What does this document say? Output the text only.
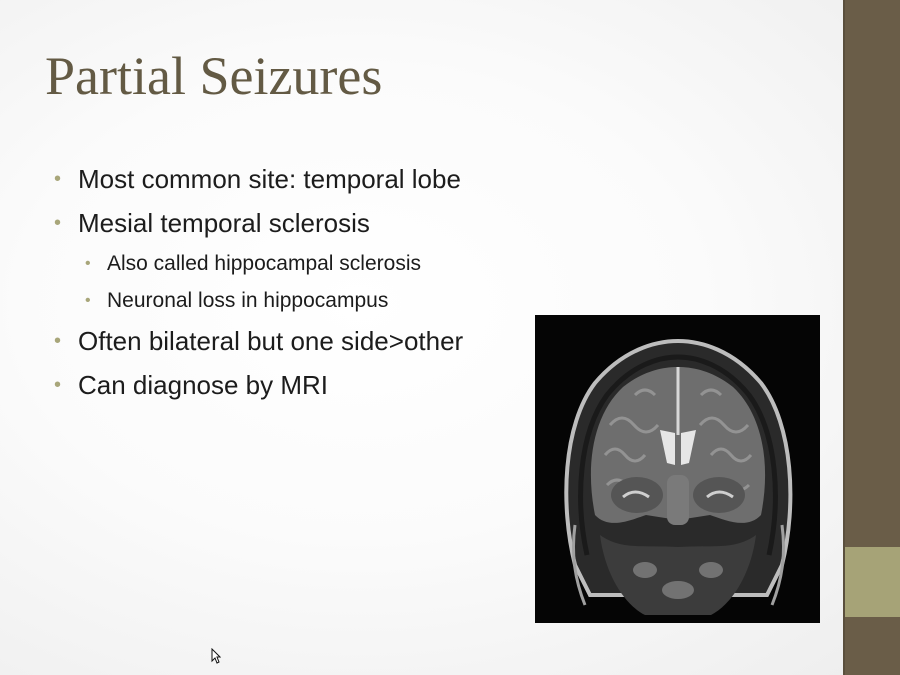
Partial Seizures
• Most common site: temporal lobe
• Mesial temporal sclerosis
• Also called hippocampal sclerosis
• Neuronal loss in hippocampus
• Often bilateral but one side>other
• Can diagnose by MRI
